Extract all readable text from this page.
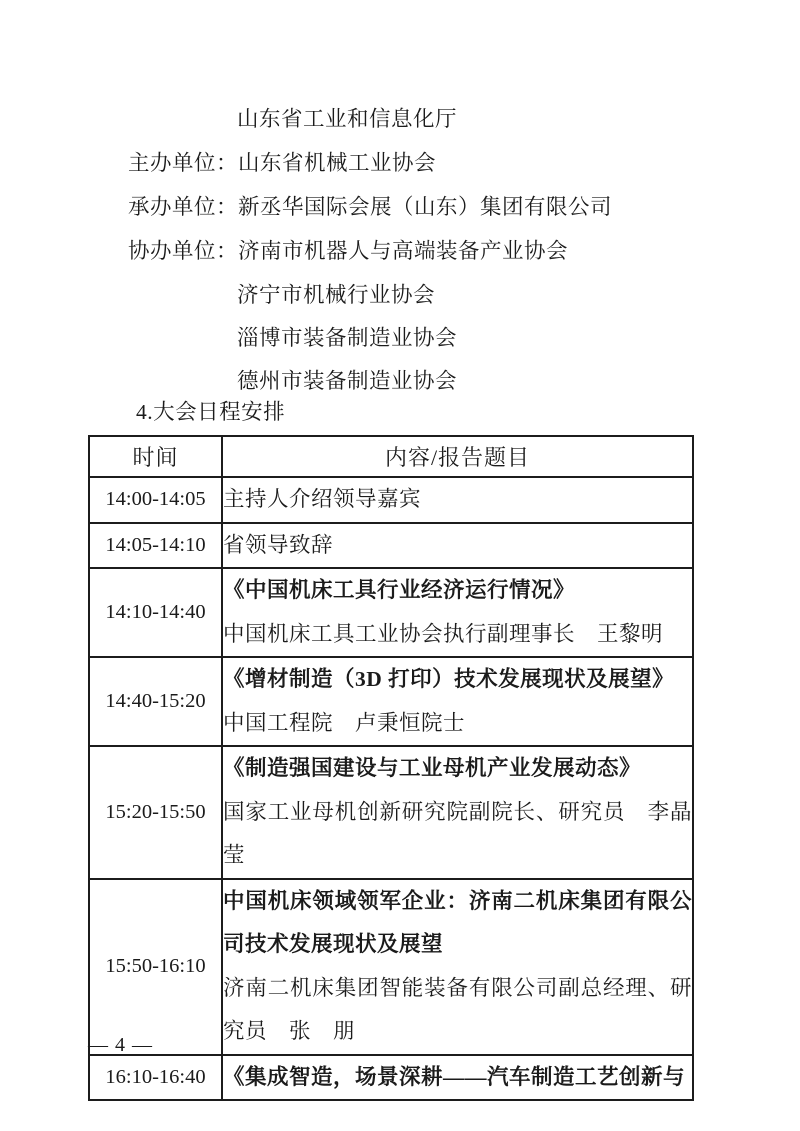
山东省工业和信息化厅
主办单位：山东省机械工业协会
承办单位：新丞华国际会展（山东）集团有限公司
协办单位：济南市机器人与高端装备产业协会
济宁市机械行业协会
淄博市装备制造业协会
德州市装备制造业协会
4.大会日程安排
时间	内容/报告题目
14:00-14:05	主持人介绍领导嘉宾

14:05-14:10	省领导致辞

14:10-14:40	《中国机床工具行业经济运行情况》
中国机床工具工业协会执行副理事长　王黎明

14:40-15:20	《增材制造（3D 打印）技术发展现状及展望》
中国工程院　卢秉恒院士

15:20-15:50	《制造强国建设与工业母机产业发展动态》
国家工业母机创新研究院副院长、研究员　李晶莹

15:50-16:10	中国机床领域领军企业：济南二机床集团有限公司技术发展现状及展望
济南二机床集团智能装备有限公司副总经理、研究员　张　朋

16:10-16:40	《集成智造，场景深耕——汽车制造工艺创新与
— 4 —
